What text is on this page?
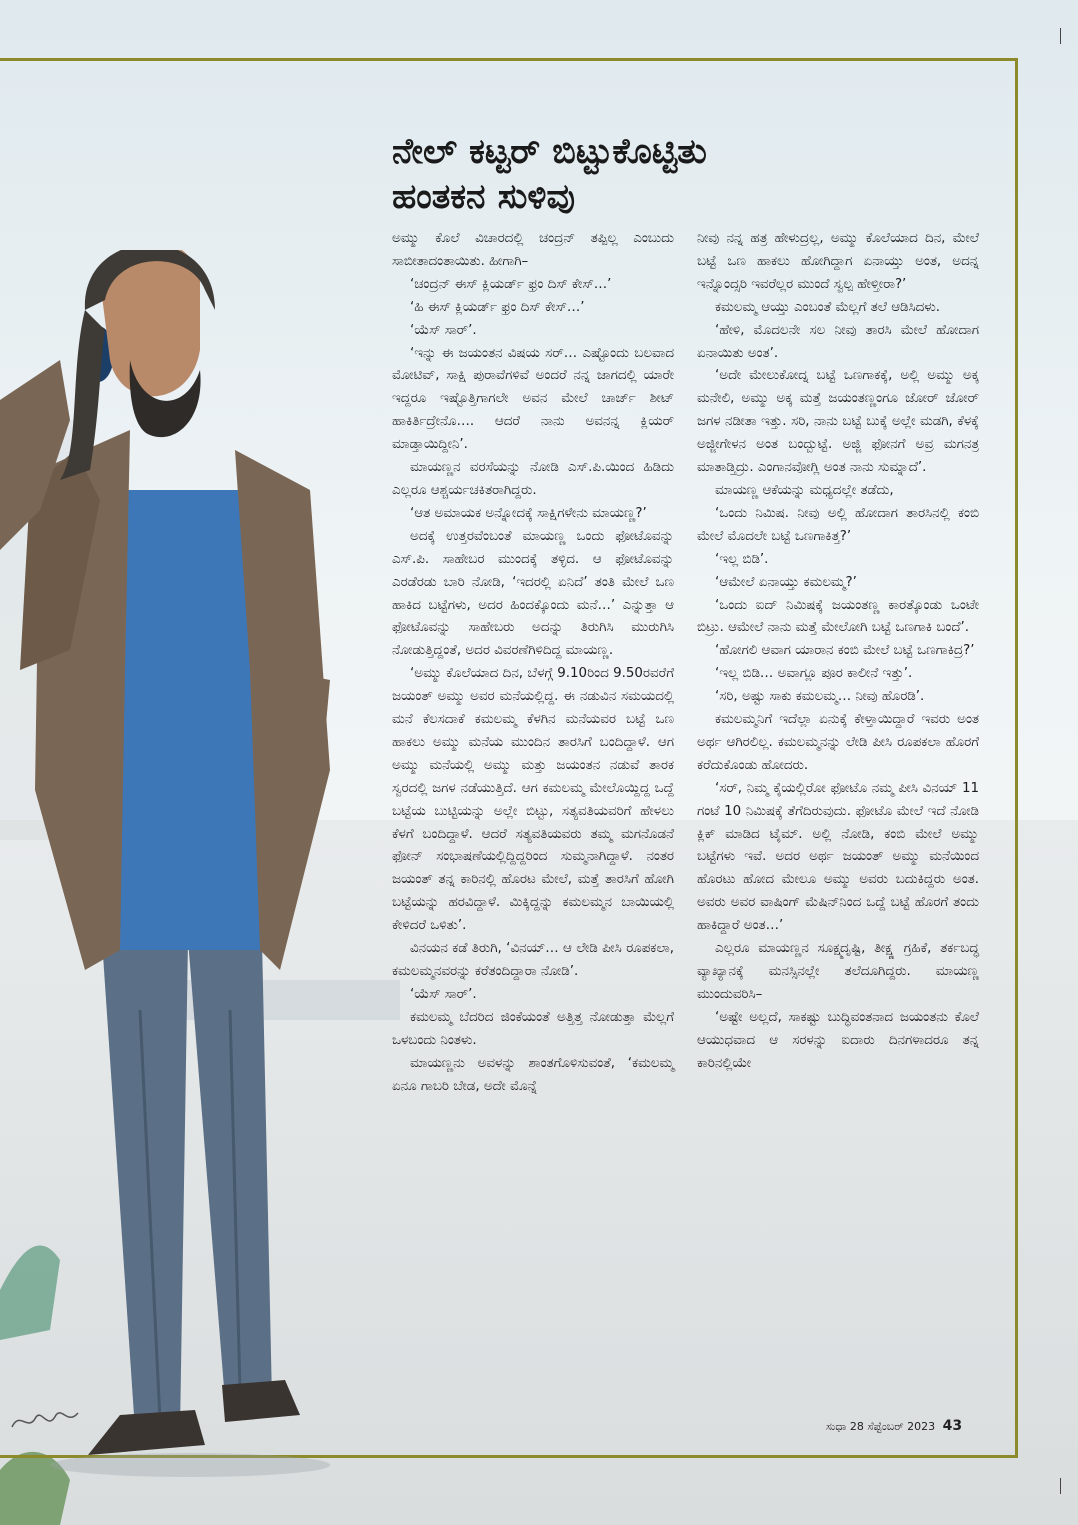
ನೇಲ್ ಕಟ್ಟರ್ ಬಿಟ್ಟುಕೊಟ್ಟಿತು
ಹಂತಕನ ಸುಳಿವು

ಅಮ್ಮು ಕೊಲೆ ವಿಚಾರದಲ್ಲಿ ಚಂದ್ರನ್ ತಪ್ಪಿಲ್ಲ ಎಂಬುದು ಸಾಬೀತಾದಂತಾಯಿತು. ಹೀಗಾಗಿ–

‘ಚಂದ್ರನ್ ಈಸ್ ಕ್ಲಿಯರ್ಡ್ ಫ್ರಂ ದಿಸ್ ಕೇಸ್…’

‘ಹಿ ಈಸ್ ಕ್ಲಿಯರ್ಡ್ ಫ್ರಂ ದಿಸ್ ಕೇಸ್…’

‘ಯೆಸ್ ಸಾರ್’.

‘ಇನ್ನು ಈ ಜಯಂತನ ವಿಷಯ ಸರ್… ಎಷ್ಟೊಂದು ಬಲವಾದ ಮೋಟಿವ್, ಸಾಕ್ಷಿ ಪುರಾವೆಗಳಿವೆ ಅಂದರೆ ನನ್ನ ಜಾಗದಲ್ಲಿ ಯಾರೇ ಇದ್ದರೂ ಇಷ್ಟೊತ್ತಿಗಾಗಲೇ ಅವನ ಮೇಲೆ ಚಾರ್ಜ್ ಶೀಟ್ ಹಾಕಿರ್ತಿದ್ರೇನೊ…. ಆದರೆ ನಾನು ಅವನನ್ನ ಕ್ಲಿಯರ್ ಮಾಡ್ತಾಯಿದ್ದೀನಿ’.

ಮಾಯಣ್ಣನ ವರಸೆಯನ್ನು ನೋಡಿ ಎಸ್.ಪಿ.ಯಿಂದ ಹಿಡಿದು ಎಲ್ಲರೂ ಆಶ್ಚರ್ಯಚಕಿತರಾಗಿದ್ದರು.

‘ಆತ ಅಮಾಯಕ ಅನ್ನೋದಕ್ಕೆ ಸಾಕ್ಷಿಗಳೇನು ಮಾಯಣ್ಣ?’

ಅದಕ್ಕೆ ಉತ್ತರವೆಂಬಂತೆ ಮಾಯಣ್ಣ ಒಂದು ಫೋಟೊವನ್ನು ಎಸ್.ಪಿ. ಸಾಹೇಬರ ಮುಂದಕ್ಕೆ ತಳ್ಳಿದ. ಆ ಫೋಟೊವನ್ನು ಎರಡೆರಡು ಬಾರಿ ನೋಡಿ, ‘ಇದರಲ್ಲಿ ಏನಿದೆ’ ತಂತಿ ಮೇಲೆ ಒಣ ಹಾಕಿದ ಬಟ್ಟೆಗಳು, ಅದರ ಹಿಂದಕ್ಕೊಂದು ಮನೆ…’ ಎನ್ನುತ್ತಾ ಆ ಫೋಟೊವನ್ನು ಸಾಹೇಬರು ಅದನ್ನು ತಿರುಗಿಸಿ ಮುರುಗಿಸಿ ನೋಡುತ್ತಿದ್ದಂತೆ, ಅದರ ವಿವರಣೆಗಿಳಿದಿದ್ದ ಮಾಯಣ್ಣ.

‘ಅಮ್ಮು ಕೊಲೆಯಾದ ದಿನ, ಬೆಳಗ್ಗೆ 9.10ರಿಂದ 9.50ರವರೆಗೆ ಜಯಂತ್ ಅಮ್ಮು ಅವರ ಮನೆಯಲ್ಲಿದ್ದ. ಈ ನಡುವಿನ ಸಮಯದಲ್ಲಿ ಮನೆ ಕೆಲಸದಾಕೆ ಕಮಲಮ್ಮ ಕೆಳಗಿನ ಮನೆಯವರ ಬಟ್ಟೆ ಒಣ ಹಾಕಲು ಅಮ್ಮು ಮನೆಯ ಮುಂದಿನ ತಾರಸಿಗೆ ಬಂದಿದ್ದಾಳೆ. ಆಗ ಅಮ್ಮು ಮನೆಯಲ್ಲಿ ಅಮ್ಮು ಮತ್ತು ಜಯಂತನ ನಡುವೆ ತಾರಕ ಸ್ವರದಲ್ಲಿ ಜಗಳ ನಡೆಯುತ್ತಿದೆ. ಆಗ ಕಮಲಮ್ಮ ಮೇಲೊಯ್ದಿದ್ದ ಒದ್ದೆ ಬಟ್ಟೆಯ ಬುಟ್ಟಿಯನ್ನು ಅಲ್ಲೇ ಬಿಟ್ಟು, ಸತ್ಯವತಿಯವರಿಗೆ ಹೇಳಲು ಕೆಳಗೆ ಬಂದಿದ್ದಾಳೆ. ಆದರೆ ಸತ್ಯವತಿಯವರು ತಮ್ಮ ಮಗನೊಡನೆ ಫೋನ್ ಸಂಭಾಷಣೆಯಲ್ಲಿದ್ದಿದ್ದರಿಂದ ಸುಮ್ಮನಾಗಿದ್ದಾಳೆ. ನಂತರ ಜಯಂತ್ ತನ್ನ ಕಾರಿನಲ್ಲಿ ಹೊರಟ ಮೇಲೆ, ಮತ್ತೆ ತಾರಸಿಗೆ ಹೋಗಿ ಬಟ್ಟೆಯನ್ನು ಹರವಿದ್ದಾಳೆ. ಮಿಕ್ಕಿದ್ದನ್ನು ಕಮಲಮ್ಮನ ಬಾಯಿಯಲ್ಲಿ ಕೇಳಿದರೆ ಒಳಿತು’.

ವಿನಯನ ಕಡೆ ತಿರುಗಿ, ‘ವಿನಯ್… ಆ ಲೇಡಿ ಪೀಸಿ ರೂಪಕಲಾ, ಕಮಲಮ್ಮನವರನ್ನು ಕರೆತಂದಿದ್ದಾರಾ ನೋಡಿ’.

‘ಯೆಸ್ ಸಾರ್’.

ಕಮಲಮ್ಮ ಬೆದರಿದ ಜಿಂಕೆಯಂತೆ ಅತ್ತಿತ್ತ ನೋಡುತ್ತಾ ಮೆಲ್ಲಗೆ ಒಳಬಂದು ನಿಂತಳು.

ಮಾಯಣ್ಣನು ಅವಳನ್ನು ಶಾಂತಗೊಳಿಸುವಂತೆ, ‘ಕಮಲಮ್ಮ ಏನೂ ಗಾಬರಿ ಬೇಡ, ಅದೇ ಮೊನ್ನೆ

ನೀವು ನನ್ನ ಹತ್ರ ಹೇಳುದ್ರಲ್ಲ, ಅಮ್ಮು ಕೊಲೆಯಾದ ದಿನ, ಮೇಲೆ ಬಟ್ಟೆ ಒಣ ಹಾಕಲು ಹೋಗಿದ್ದಾಗ ಏನಾಯ್ತು ಅಂತ, ಅದನ್ನ ಇನ್ನೊಂದ್ಸರಿ ಇವರೆಲ್ಲರ ಮುಂದೆ ಸ್ವಲ್ಪ ಹೇಳ್ತೀರಾ?’

ಕಮಲಮ್ಮ ಆಯ್ತು ಎಂಬಂತೆ ಮೆಲ್ಲಗೆ ತಲೆ ಆಡಿಸಿದಳು.

‘ಹೇಳಿ, ಮೊದಲನೇ ಸಲ ನೀವು ತಾರಸಿ ಮೇಲೆ ಹೋದಾಗ ಏನಾಯಿತು ಅಂತ’.

‘ಅದೇ ಮೇಲುಕೋದ್ನ ಬಟ್ಟೆ ಒಣಗಾಕಕ್ಕೆ, ಅಲ್ಲಿ ಅಮ್ಮು ಅಕ್ಕ ಮನೇಲಿ, ಅಮ್ಮು ಅಕ್ಕ ಮತ್ತೆ ಜಯಂತಣ್ಣಂಗೂ ಜೋರ್ ಜೋರ್ ಜಗಳ ನಡೀತಾ ಇತ್ತು. ಸರಿ, ನಾನು ಬಟ್ಟೆ ಬುಕ್ಕೆ ಅಲ್ಲೇ ಮಡಗಿ, ಕೆಳಕ್ಕೆ ಅಜ್ಜೀಗೇಳನ ಅಂತ ಬಂದ್ಬುಟ್ಟೆ. ಅಜ್ಜಿ ಫೋನಗೆ ಅವ್ರ ಮಗನತ್ರ ಮಾತಾಡ್ತಿದ್ರು. ಎಂಗಾನವೋಗ್ಲಿ ಅಂತ ನಾನು ಸುಮ್ನಾದೆ’.

ಮಾಯಣ್ಣ ಆಕೆಯನ್ನು ಮಧ್ಯದಲ್ಲೇ ತಡೆದು,

‘ಒಂದು ನಿಮಿಷ. ನೀವು ಅಲ್ಲಿ ಹೋದಾಗ ತಾರಸಿನಲ್ಲಿ ಕಂಬಿ ಮೇಲೆ ಮೊದಲೇ ಬಟ್ಟೆ ಒಣಗಾಕಿತ್ತ?’

‘ಇಲ್ಲ ಬಿಡಿ’.

‘ಆಮೇಲೆ ಏನಾಯ್ತು ಕಮಲಮ್ಮ?’

‘ಒಂದು ಐದ್ ನಿಮಿಷಕ್ಕೆ ಜಯಂತಣ್ಣ ಕಾರತ್ಕೊಂಡು ಒಂಟೇ ಬಿಟ್ರು. ಆಮೇಲೆ ನಾನು ಮತ್ತೆ ಮೇಲೋಗಿ ಬಟ್ಟೆ ಒಣಗಾಕಿ ಬಂದೆ’.

‘ಹೋಗಲಿ ಆವಾಗ ಯಾರಾನ ಕಂಬಿ ಮೇಲೆ ಬಟ್ಟೆ ಒಣಗಾಕಿದ್ರ?’

‘ಇಲ್ಲ ಬಿಡಿ… ಅವಾಗ್ಲೂ ಪೂರ ಕಾಲೀನೆ ಇತ್ತು’.

‘ಸರಿ, ಅಷ್ಟು ಸಾಕು ಕಮಲಮ್ಮ… ನೀವು ಹೊರಡಿ’.

ಕಮಲಮ್ಮನಿಗೆ ಇದೆಲ್ಲಾ ಏನುಕ್ಕೆ ಕೇಳ್ತಾಯಿದ್ದಾರೆ ಇವರು ಅಂತ ಅರ್ಥ ಆಗಿರಲಿಲ್ಲ. ಕಮಲಮ್ಮನನ್ನು ಲೇಡಿ ಪೀಸಿ ರೂಪಕಲಾ ಹೊರಗೆ ಕರೆದುಕೊಂಡು ಹೋದರು.

‘ಸರ್, ನಿಮ್ಮ ಕೈಯಲ್ಲಿರೋ ಫೋಟೊ ನಮ್ಮ ಪೀಸಿ ವಿನಯ್ 11 ಗಂಟೆ 10 ನಿಮಿಷಕ್ಕೆ ತೆಗೆದಿರುವುದು. ಫೋಟೊ ಮೇಲೆ ಇದೆ ನೋಡಿ ಕ್ಲಿಕ್ ಮಾಡಿದ ಟೈಮ್. ಅಲ್ಲಿ ನೋಡಿ, ಕಂಬಿ ಮೇಲೆ ಅಮ್ಮು ಬಟ್ಟೆಗಳು ಇವೆ. ಅದರ ಅರ್ಥ ಜಯಂತ್ ಅಮ್ಮು ಮನೆಯಿಂದ ಹೊರಟು ಹೋದ ಮೇಲೂ ಅಮ್ಮು ಅವರು ಬದುಕಿದ್ದರು ಅಂತ. ಅವರು ಅವರ ವಾಷಿಂಗ್ ಮೆಷಿನ್‌ನಿಂದ ಒದ್ದೆ ಬಟ್ಟೆ ಹೊರಗೆ ತಂದು ಹಾಕಿದ್ದಾರೆ ಅಂತ…’

ಎಲ್ಲರೂ ಮಾಯಣ್ಣನ ಸೂಕ್ಷ್ಮದೃಷ್ಟಿ, ತೀಕ್ಷ್ಣ ಗ್ರಹಿಕೆ, ತರ್ಕಬದ್ಧ ವ್ಯಾಖ್ಯಾನಕ್ಕೆ ಮನಸ್ಸಿನಲ್ಲೇ ತಲೆದೂಗಿದ್ದರು. ಮಾಯಣ್ಣ ಮುಂದುವರಿಸಿ–

‘ಅಷ್ಟೇ ಅಲ್ಲದೆ, ಸಾಕಷ್ಟು ಬುದ್ಧಿವಂತನಾದ ಜಯಂತನು ಕೊಲೆ ಆಯುಧವಾದ ಆ ಸರಳನ್ನು ಐದಾರು ದಿನಗಳಾದರೂ ತನ್ನ ಕಾರಿನಲ್ಲಿಯೇ

ಸುಧಾ 28 ಸೆಪ್ಟೆಂಬರ್ 2023 43
